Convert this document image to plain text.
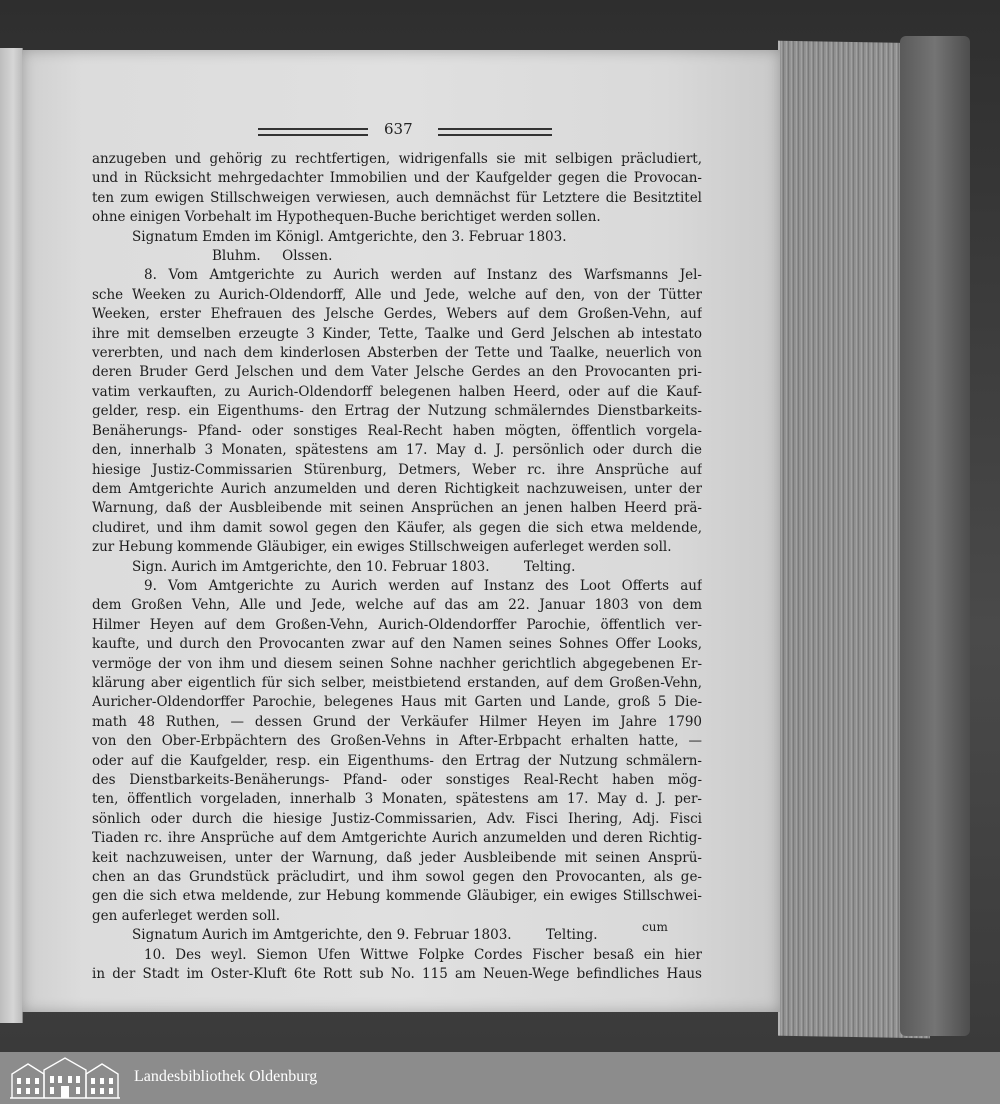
637
anzugeben und gehörig zu rechtfertigen, widrigenfalls sie mit selbigen präcludiert,
und in Rücksicht mehrgedachter Immobilien und der Kaufgelder gegen die Provocan-
ten zum ewigen Stillschweigen verwiesen, auch demnächst für Letztere die Besitztitel
ohne einigen Vorbehalt im Hypothequen-Buche berichtiget werden sollen.
Signatum Emden im Königl. Amtgerichte, den 3. Februar 1803.
Bluhm.     Olssen.
8. Vom Amtgerichte zu Aurich werden auf Instanz des Warfsmanns Jel-
sche Weeken zu Aurich-Oldendorff, Alle und Jede, welche auf den, von der Tütter
Weeken, erster Ehefrauen des Jelsche Gerdes, Webers auf dem Großen-Vehn, auf
ihre mit demselben erzeugte 3 Kinder, Tette, Taalke und Gerd Jelschen ab intestato
vererbten, und nach dem kinderlosen Absterben der Tette und Taalke, neuerlich von
deren Bruder Gerd Jelschen und dem Vater Jelsche Gerdes an den Provocanten pri-
vatim verkauften, zu Aurich-Oldendorff belegenen halben Heerd, oder auf die Kauf-
gelder, resp. ein Eigenthums- den Ertrag der Nutzung schmälerndes Dienstbarkeits-
Benäherungs- Pfand- oder sonstiges Real-Recht haben mögten, öffentlich vorgela-
den, innerhalb 3 Monaten, spätestens am 17. May d. J. persönlich oder durch die
hiesige Justiz-Commissarien Stürenburg, Detmers, Weber rc. ihre Ansprüche auf
dem Amtgerichte Aurich anzumelden und deren Richtigkeit nachzuweisen, unter der
Warnung, daß der Ausbleibende mit seinen Ansprüchen an jenen halben Heerd prä-
cludiret, und ihm damit sowol gegen den Käufer, als gegen die sich etwa meldende,
zur Hebung kommende Gläubiger, ein ewiges Stillschweigen auferleget werden soll.
Sign. Aurich im Amtgerichte, den 10. Februar 1803.        Telting.
9. Vom Amtgerichte zu Aurich werden auf Instanz des Loot Offerts auf
dem Großen Vehn, Alle und Jede, welche auf das am 22. Januar 1803 von dem
Hilmer Heyen auf dem Großen-Vehn, Aurich-Oldendorffer Parochie, öffentlich ver-
kaufte, und durch den Provocanten zwar auf den Namen seines Sohnes Offer Looks,
vermöge der von ihm und diesem seinen Sohne nachher gerichtlich abgegebenen Er-
klärung aber eigentlich für sich selber, meistbietend erstanden, auf dem Großen-Vehn,
Auricher-Oldendorffer Parochie, belegenes Haus mit Garten und Lande, groß 5 Die-
math 48 Ruthen, — dessen Grund der Verkäufer Hilmer Heyen im Jahre 1790
von den Ober-Erbpächtern des Großen-Vehns in After-Erbpacht erhalten hatte, —
oder auf die Kaufgelder, resp. ein Eigenthums- den Ertrag der Nutzung schmälern-
des Dienstbarkeits-Benäherungs- Pfand- oder sonstiges Real-Recht haben mög-
ten, öffentlich vorgeladen, innerhalb 3 Monaten, spätestens am 17. May d. J. per-
sönlich oder durch die hiesige Justiz-Commissarien, Adv. Fisci Ihering, Adj. Fisci
Tiaden rc. ihre Ansprüche auf dem Amtgerichte Aurich anzumelden und deren Richtig-
keit nachzuweisen, unter der Warnung, daß jeder Ausbleibende mit seinen Ansprü-
chen an das Grundstück präcludirt, und ihm sowol gegen den Provocanten, als ge-
gen die sich etwa meldende, zur Hebung kommende Gläubiger, ein ewiges Stillschwei-
gen auferleget werden soll.
Signatum Aurich im Amtgerichte, den 9. Februar 1803.        Telting.
10. Des weyl. Siemon Ufen Wittwe Folpke Cordes Fischer besaß ein hier
in der Stadt im Oster-Kluft 6te Rott sub No. 115 am Neuen-Wege befindliches Haus
cum
Landesbibliothek Oldenburg
